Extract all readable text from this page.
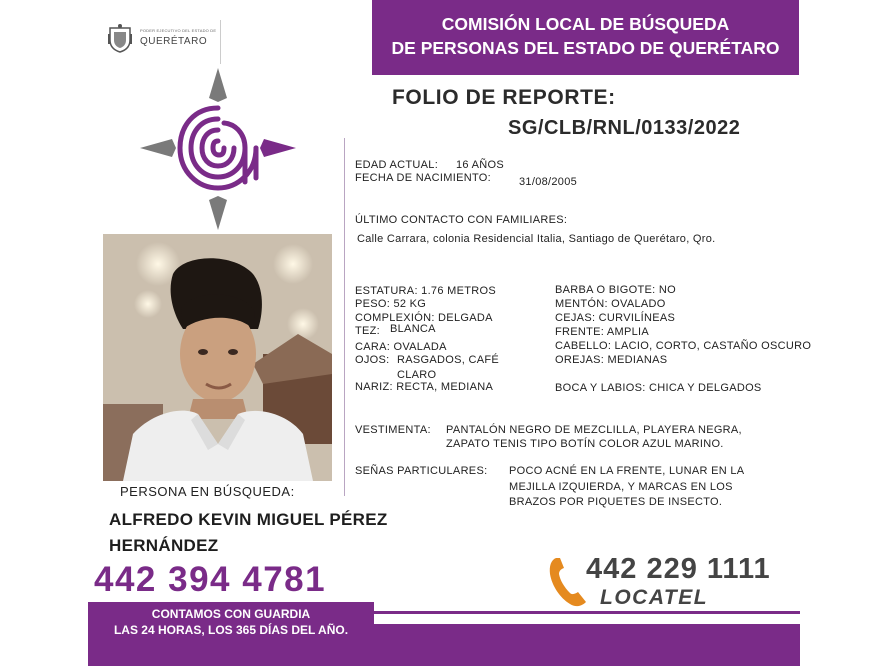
PODER EJECUTIVO DEL ESTADO DE
QUERÉTARO
COMISIÓN LOCAL DE BÚSQUEDA
DE PERSONAS DEL ESTADO DE QUERÉTARO
FOLIO DE REPORTE:
SG/CLB/RNL/0133/2022
EDAD ACTUAL: 16 AÑOS
FECHA DE NACIMIENTO:	31/08/2005
ÚLTIMO CONTACTO CON FAMILIARES:
Calle Carrara, colonia Residencial Italia, Santiago de Querétaro, Qro.
ESTATURA: 1.76 METROS
PESO: 52 KG
COMPLEXIÓN: DELGADA
TEZ: BLANCA
CARA: OVALADA
OJOS: RASGADOS, CAFÉ
CLARO
NARIZ: RECTA, MEDIANA
BARBA O BIGOTE: NO
MENTÓN: OVALADO
CEJAS: CURVILÍNEAS
FRENTE: AMPLIA
CABELLO: LACIO, CORTO, CASTAÑO OSCURO
OREJAS: MEDIANAS
BOCA Y LABIOS: CHICA Y DELGADOS
VESTIMENTA: PANTALÓN NEGRO DE MEZCLILLA, PLAYERA NEGRA,
ZAPATO TENIS TIPO BOTÍN COLOR AZUL MARINO.
SEÑAS PARTICULARES: POCO ACNÉ EN LA FRENTE, LUNAR EN LA
MEJILLA IZQUIERDA, Y MARCAS EN LOS
BRAZOS POR PIQUETES DE INSECTO.
PERSONA EN BÚSQUEDA:
ALFREDO KEVIN MIGUEL PÉREZ
HERNÁNDEZ
442 394 4781
CONTAMOS CON GUARDIA
LAS 24 HORAS, LOS 365 DÍAS DEL AÑO.
442 229 1111
LOCATEL
